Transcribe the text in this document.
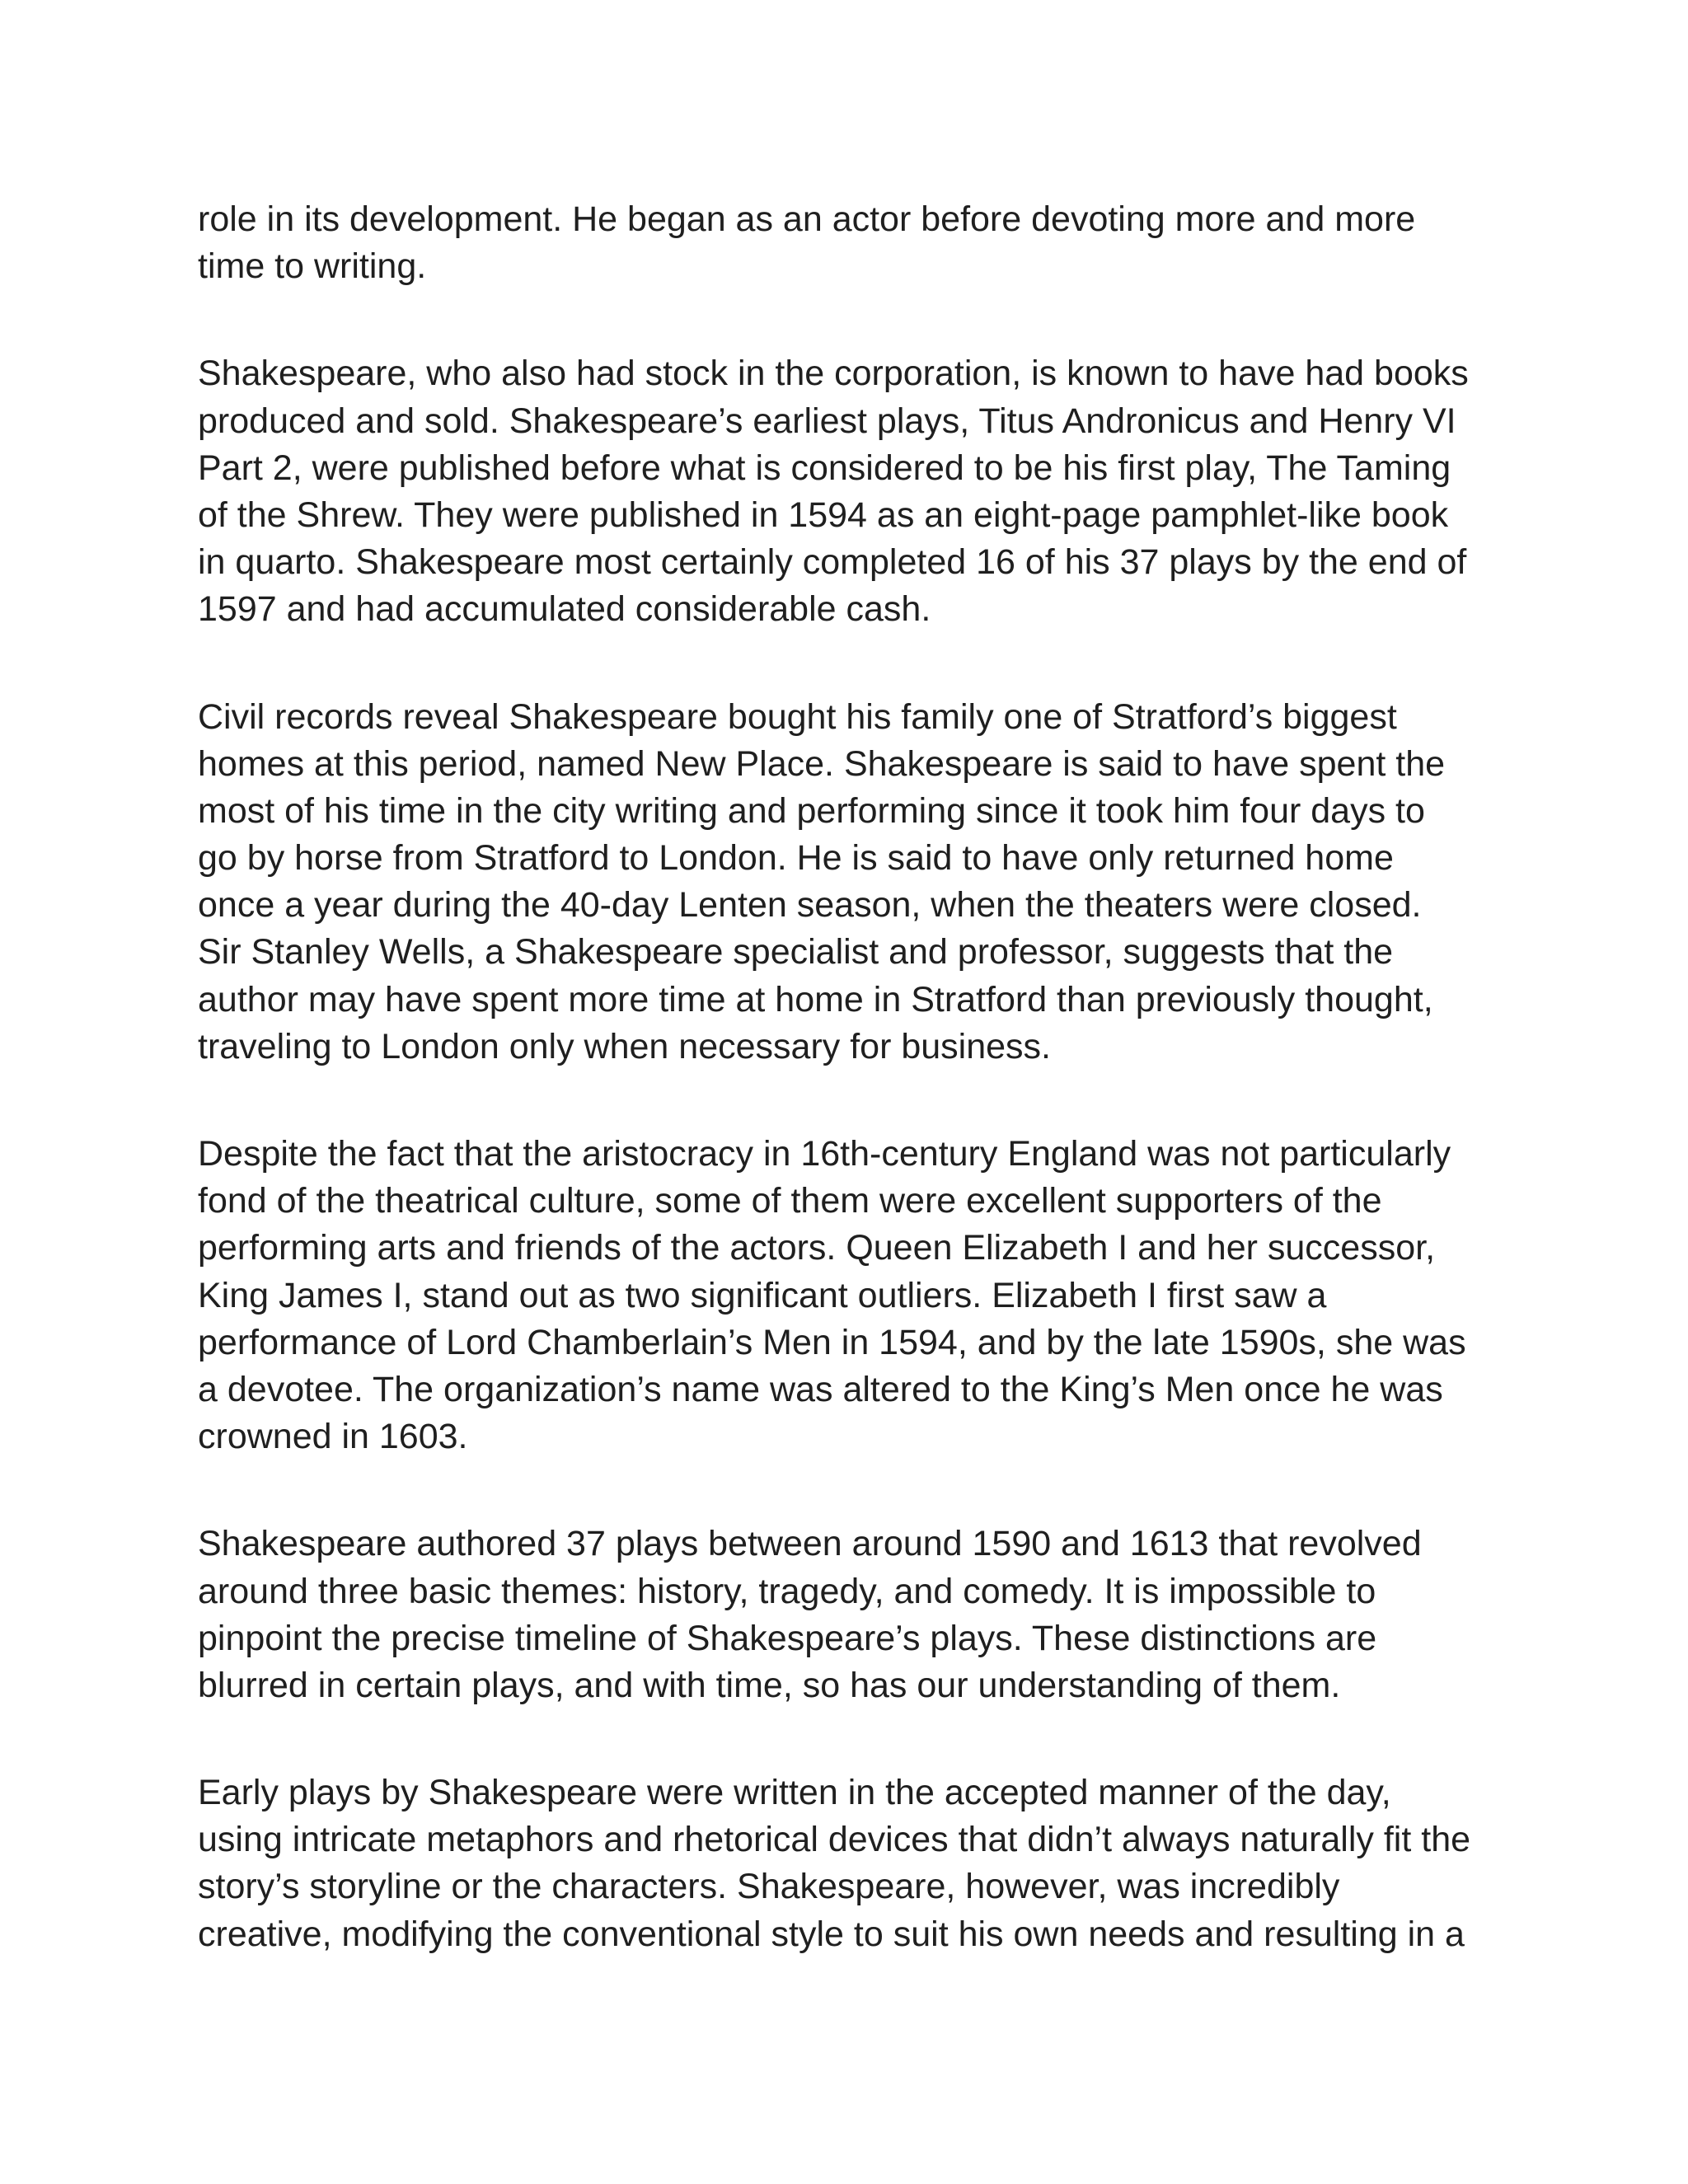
role in its development. He began as an actor before devoting more and more
time to writing.

Shakespeare, who also had stock in the corporation, is known to have had books
produced and sold. Shakespeare’s earliest plays, Titus Andronicus and Henry VI
Part 2, were published before what is considered to be his first play, The Taming
of the Shrew. They were published in 1594 as an eight-page pamphlet-like book
in quarto. Shakespeare most certainly completed 16 of his 37 plays by the end of
1597 and had accumulated considerable cash.

Civil records reveal Shakespeare bought his family one of Stratford’s biggest
homes at this period, named New Place. Shakespeare is said to have spent the
most of his time in the city writing and performing since it took him four days to
go by horse from Stratford to London. He is said to have only returned home
once a year during the 40-day Lenten season, when the theaters were closed.
Sir Stanley Wells, a Shakespeare specialist and professor, suggests that the
author may have spent more time at home in Stratford than previously thought,
traveling to London only when necessary for business.

Despite the fact that the aristocracy in 16th-century England was not particularly
fond of the theatrical culture, some of them were excellent supporters of the
performing arts and friends of the actors. Queen Elizabeth I and her successor,
King James I, stand out as two significant outliers. Elizabeth I first saw a
performance of Lord Chamberlain’s Men in 1594, and by the late 1590s, she was
a devotee. The organization’s name was altered to the King’s Men once he was
crowned in 1603.

Shakespeare authored 37 plays between around 1590 and 1613 that revolved
around three basic themes: history, tragedy, and comedy. It is impossible to
pinpoint the precise timeline of Shakespeare’s plays. These distinctions are
blurred in certain plays, and with time, so has our understanding of them.

Early plays by Shakespeare were written in the accepted manner of the day,
using intricate metaphors and rhetorical devices that didn’t always naturally fit the
story’s storyline or the characters. Shakespeare, however, was incredibly
creative, modifying the conventional style to suit his own needs and resulting in a
